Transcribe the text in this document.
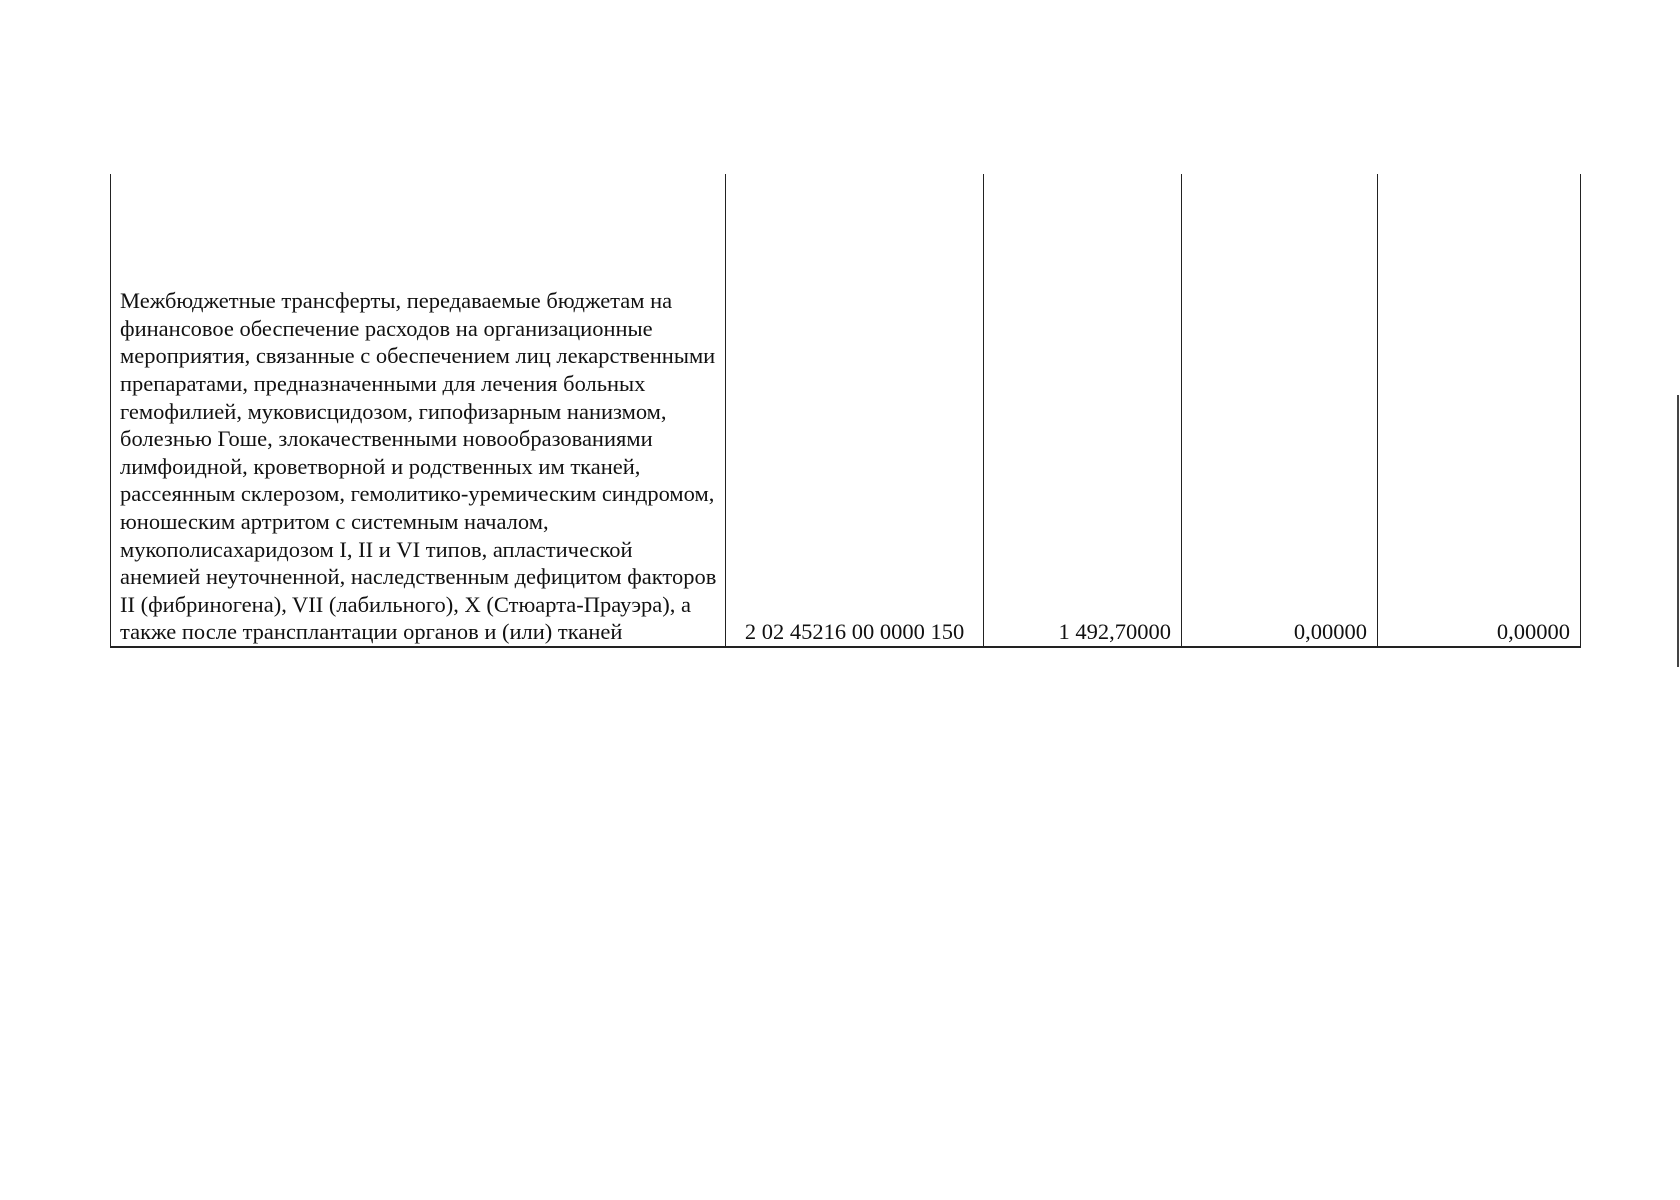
Межбюджетные трансферты, передаваемые бюджетам на финансовое обеспечение расходов на организационные мероприятия, связанные с обеспечением лиц лекарственными препаратами, предназначенными для лечения больных гемофилией, муковисцидозом, гипофизарным нанизмом, болезнью Гоше, злокачественными новообразованиями лимфоидной, кроветворной и родственных им тканей, рассеянным склерозом, гемолитико-уремическим синдромом, юношеским артритом с системным началом, мукополисахаридозом I, II и VI типов, апластической анемией неуточненной, наследственным дефицитом факторов II (фибриногена), VII (лабильного), X (Стюарта-Прауэра), а также после трансплантации органов и (или) тканей	2 02 45216 00 0000 150	1 492,70000	0,00000	0,00000
